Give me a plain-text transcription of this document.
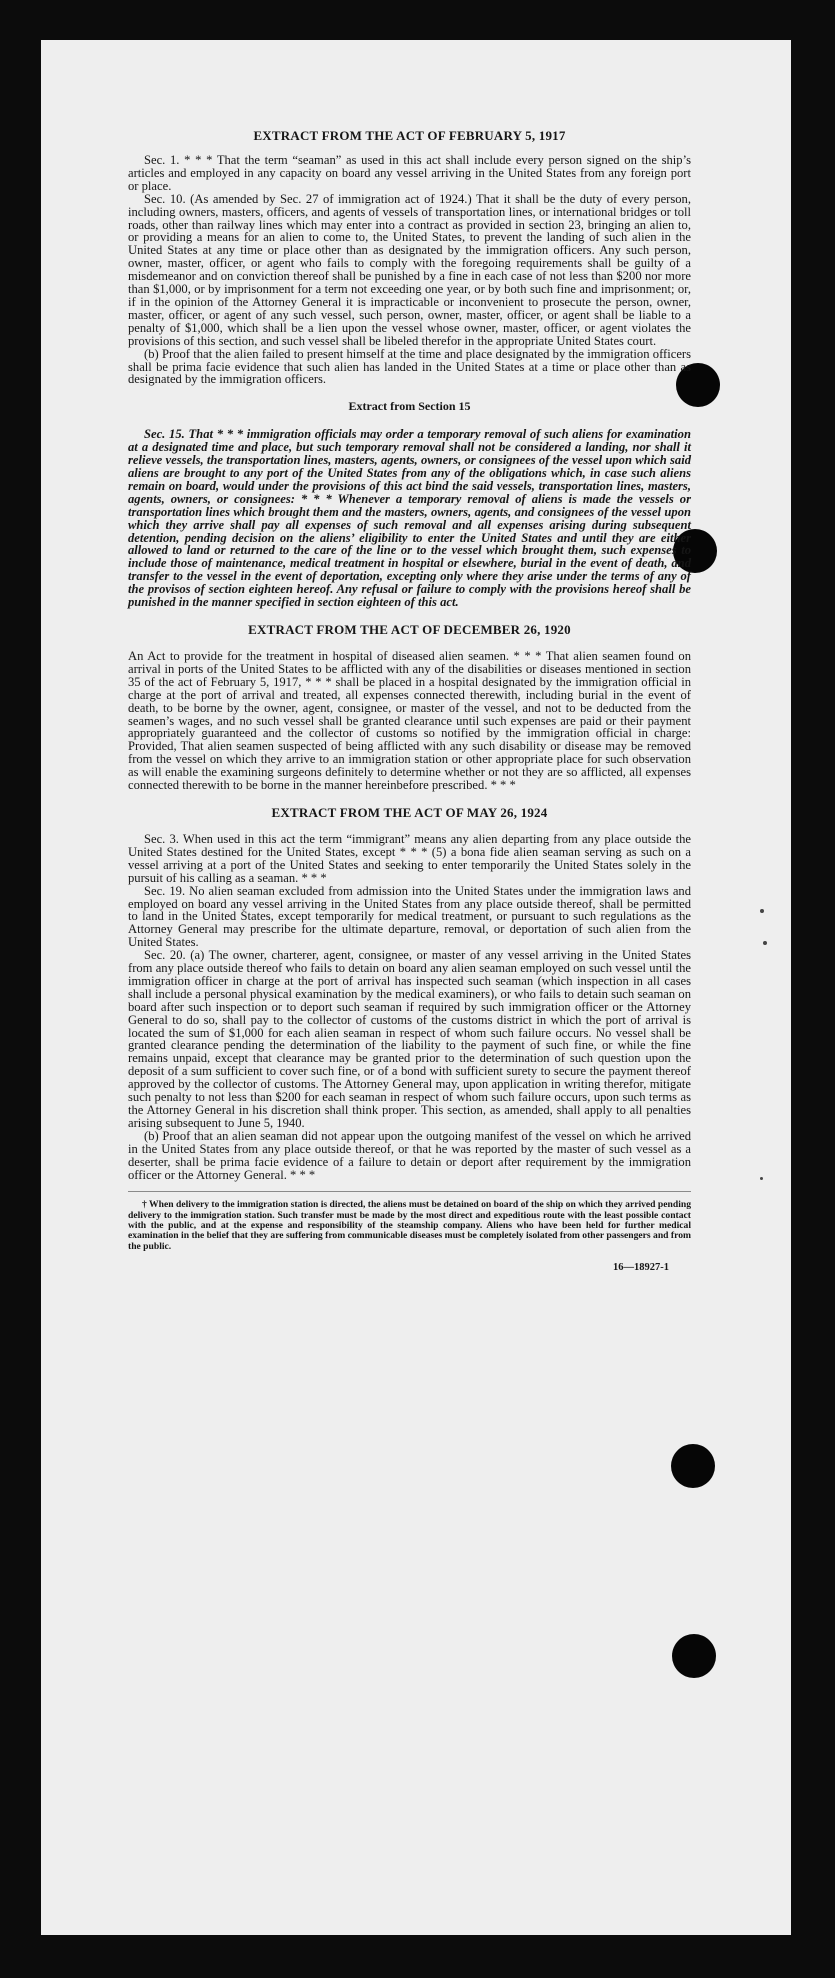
EXTRACT FROM THE ACT OF FEBRUARY 5, 1917

Sec. 1. * * * That the term “seaman” as used in this act shall include every person signed on the ship’s articles and employed in any capacity on board any vessel arriving in the United States from any foreign port or place.

Sec. 10. (As amended by Sec. 27 of immigration act of 1924.) That it shall be the duty of every person, including owners, masters, officers, and agents of vessels of transportation lines, or international bridges or toll roads, other than railway lines which may enter into a contract as provided in section 23, bringing an alien to, or providing a means for an alien to come to, the United States, to prevent the landing of such alien in the United States at any time or place other than as designated by the immigration officers. Any such person, owner, master, officer, or agent who fails to comply with the foregoing requirements shall be guilty of a misdemeanor and on conviction thereof shall be punished by a fine in each case of not less than $200 nor more than $1,000, or by imprisonment for a term not exceeding one year, or by both such fine and imprisonment; or, if in the opinion of the Attorney General it is impracticable or inconvenient to prosecute the person, owner, master, officer, or agent of any such vessel, such person, owner, master, officer, or agent shall be liable to a penalty of $1,000, which shall be a lien upon the vessel whose owner, master, officer, or agent violates the provisions of this section, and such vessel shall be libeled therefor in the appropriate United States court.

(b) Proof that the alien failed to present himself at the time and place designated by the immigration officers shall be prima facie evidence that such alien has landed in the United States at a time or place other than as designated by the immigration officers.

Extract from Section 15

Sec. 15. That * * * immigration officials may order a temporary removal of such aliens for examination at a designated time and place, but such temporary removal shall not be considered a landing, nor shall it relieve vessels, the transportation lines, masters, agents, owners, or consignees of the vessel upon which said aliens are brought to any port of the United States from any of the obligations which, in case such aliens remain on board, would under the provisions of this act bind the said vessels, transportation lines, masters, agents, owners, or consignees: * * * Whenever a temporary removal of aliens is made the vessels or transportation lines which brought them and the masters, owners, agents, and consignees of the vessel upon which they arrive shall pay all expenses of such removal and all expenses arising during subsequent detention, pending decision on the aliens’ eligibility to enter the United States and until they are either allowed to land or returned to the care of the line or to the vessel which brought them, such expenses to include those of maintenance, medical treatment in hospital or elsewhere, burial in the event of death, and transfer to the vessel in the event of deportation, excepting only where they arise under the terms of any of the provisos of section eighteen hereof. Any refusal or failure to comply with the provisions hereof shall be punished in the manner specified in section eighteen of this act.

EXTRACT FROM THE ACT OF DECEMBER 26, 1920

An Act to provide for the treatment in hospital of diseased alien seamen. * * * That alien seamen found on arrival in ports of the United States to be afflicted with any of the disabilities or diseases mentioned in section 35 of the act of February 5, 1917, * * * shall be placed in a hospital designated by the immigration official in charge at the port of arrival and treated, all expenses connected therewith, including burial in the event of death, to be borne by the owner, agent, consignee, or master of the vessel, and not to be deducted from the seamen’s wages, and no such vessel shall be granted clearance until such expenses are paid or their payment appropriately guaranteed and the collector of customs so notified by the immigration official in charge: Provided, That alien seamen suspected of being afflicted with any such disability or disease may be removed from the vessel on which they arrive to an immigration station or other appropriate place for such observation as will enable the examining surgeons definitely to determine whether or not they are so afflicted, all expenses connected therewith to be borne in the manner hereinbefore prescribed. * * *

EXTRACT FROM THE ACT OF MAY 26, 1924

Sec. 3. When used in this act the term “immigrant” means any alien departing from any place outside the United States destined for the United States, except * * * (5) a bona fide alien seaman serving as such on a vessel arriving at a port of the United States and seeking to enter temporarily the United States solely in the pursuit of his calling as a seaman. * * *

Sec. 19. No alien seaman excluded from admission into the United States under the immigration laws and employed on board any vessel arriving in the United States from any place outside thereof, shall be permitted to land in the United States, except temporarily for medical treatment, or pursuant to such regulations as the Attorney General may prescribe for the ultimate departure, removal, or deportation of such alien from the United States.

Sec. 20. (a) The owner, charterer, agent, consignee, or master of any vessel arriving in the United States from any place outside thereof who fails to detain on board any alien seaman employed on such vessel until the immigration officer in charge at the port of arrival has inspected such seaman (which inspection in all cases shall include a personal physical examination by the medical examiners), or who fails to detain such seaman on board after such inspection or to deport such seaman if required by such immigration officer or the Attorney General to do so, shall pay to the collector of customs of the customs district in which the port of arrival is located the sum of $1,000 for each alien seaman in respect of whom such failure occurs. No vessel shall be granted clearance pending the determination of the liability to the payment of such fine, or while the fine remains unpaid, except that clearance may be granted prior to the determination of such question upon the deposit of a sum sufficient to cover such fine, or of a bond with sufficient surety to secure the payment thereof approved by the collector of customs. The Attorney General may, upon application in writing therefor, mitigate such penalty to not less than $200 for each seaman in respect of whom such failure occurs, upon such terms as the Attorney General in his discretion shall think proper. This section, as amended, shall apply to all penalties arising subsequent to June 5, 1940.

(b) Proof that an alien seaman did not appear upon the outgoing manifest of the vessel on which he arrived in the United States from any place outside thereof, or that he was reported by the master of such vessel as a deserter, shall be prima facie evidence of a failure to detain or deport after requirement by the immigration officer or the Attorney General. * * *

† When delivery to the immigration station is directed, the aliens must be detained on board of the ship on which they arrived pending delivery to the immigration station. Such transfer must be made by the most direct and expeditious route with the least possible contact with the public, and at the expense and responsibility of the steamship company. Aliens who have been held for further medical examination in the belief that they are suffering from communicable diseases must be completely isolated from other passengers and from the public.

16—18927-1
